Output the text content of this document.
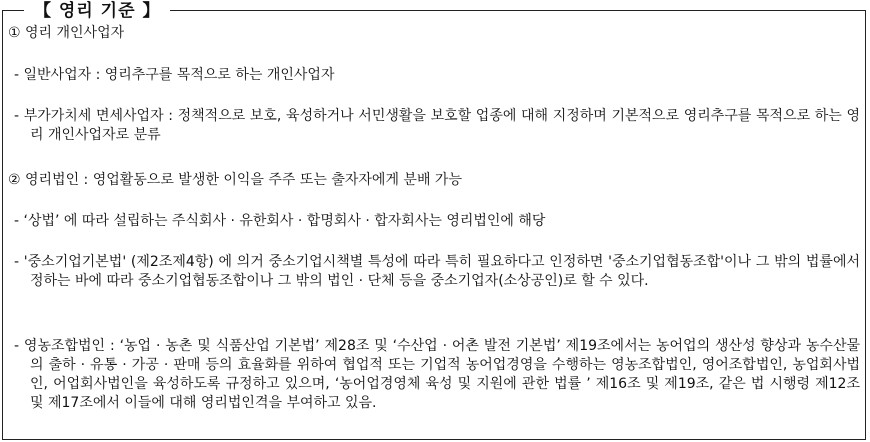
【 영리 기준 】
① 영리 개인사업자
- 일반사업자 : 영리추구를 목적으로 하는 개인사업자
- 부가가치세 면세사업자 : 정책적으로 보호, 육성하거나 서민생활을 보호할 업종에 대해 지정하며 기본적으로 영리추구를 목적으로 하는 영리 개인사업자로 분류
② 영리법인 : 영업활동으로 발생한 이익을 주주 또는 출자자에게 분배 가능
- ‘상법’ 에 따라 설립하는 주식회사 · 유한회사 · 합명회사 · 합자회사는 영리법인에 해당
- '중소기업기본법' (제2조제4항) 에 의거 중소기업시책별 특성에 따라 특히 필요하다고 인정하면 '중소기업협동조합'이나 그 밖의 법률에서 정하는 바에 따라 중소기업협동조합이나 그 밖의 법인 · 단체 등을 중소기업자(소상공인)로 할 수 있다.
- 영농조합법인 : ‘농업 · 농촌 및 식품산업 기본법’ 제28조 및 ‘수산업 · 어촌 발전 기본법’ 제19조에서는 농어업의 생산성 향상과 농수산물의 출하 · 유통 · 가공 · 판매 등의 효율화를 위하여 협업적 또는 기업적 농어업경영을 수행하는 영농조합법인, 영어조합법인, 농업회사법인, 어업회사법인을 육성하도록 규정하고 있으며, ‘농어업경영체 육성 및 지원에 관한 법률 ’ 제16조 및 제19조, 같은 법 시행령 제12조 및 제17조에서 이들에 대해 영리법인격을 부여하고 있음.
